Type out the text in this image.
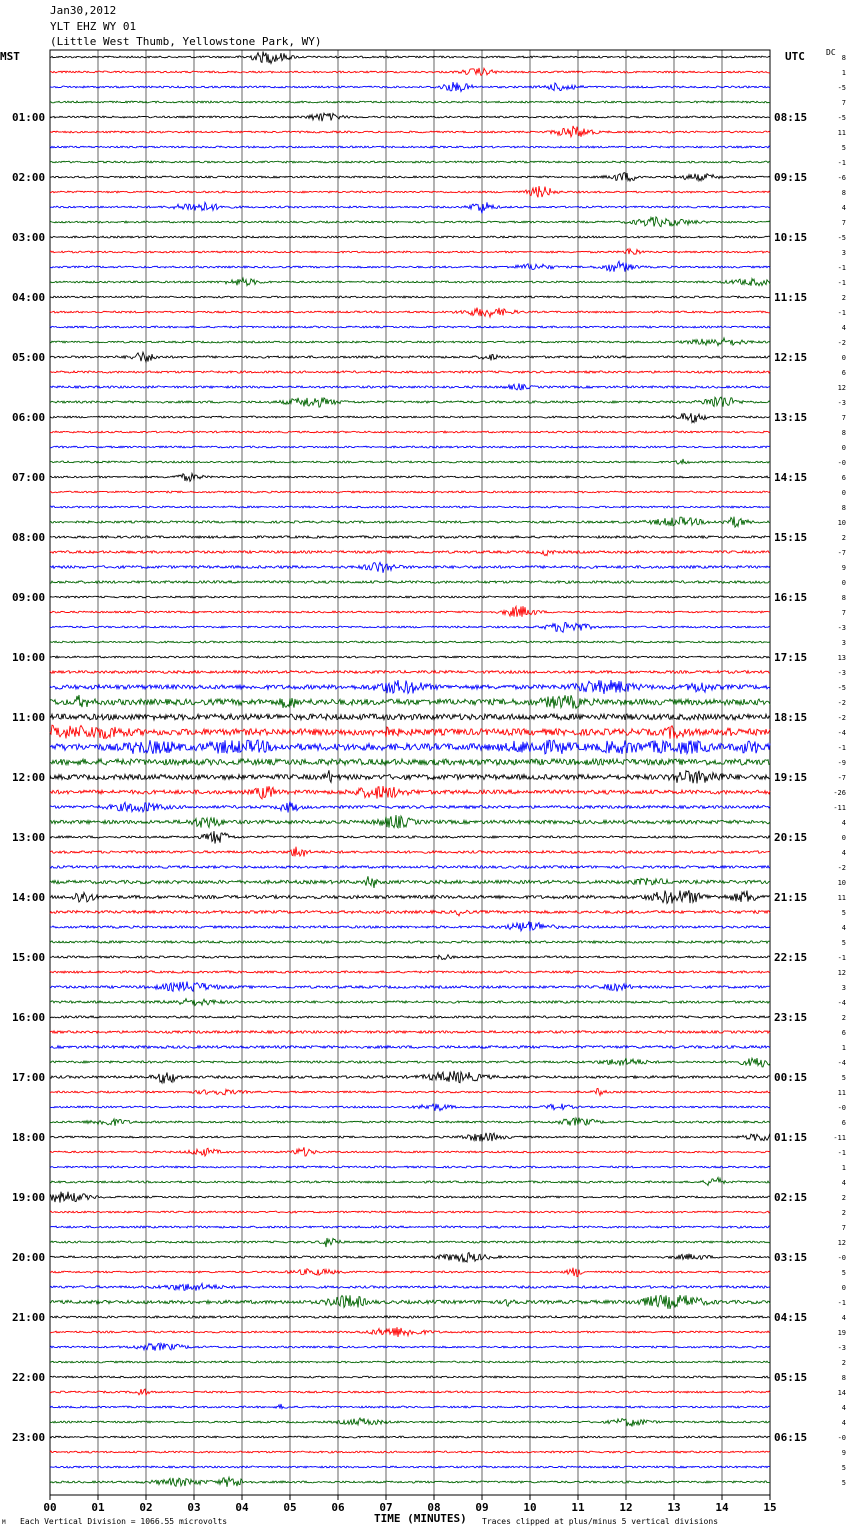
Jan30,2012
YLT EHZ WY 01
(Little West Thumb, Yellowstone Park, WY)
MST	UTC	DC
01:00
02:00
03:00
04:00
05:00
06:00
07:00
08:00
09:00
10:00
11:00
12:00
13:00
14:00
15:00
16:00
17:00
18:00
19:00
20:00
21:00
22:00
23:00
08:15
09:15
10:15
11:15
12:15
13:15
14:15
15:15
16:15
17:15
18:15
19:15
20:15
21:15
22:15
23:15
00:15
01:15
02:15
03:15
04:15
05:15
06:15
8
1
-5
7
-5
11
5
-1
-6
8
4
7
-5
3
-1
-1
2
-1
4
-2
0
6
12
-3
7
8
0
-0
6
0
8
10
2
-7
9
0
8
7
-3
3
13
-3
-5
-2
-2
-4
-1
-9
-7
-26
-11
4
0
4
-2
10
11
5
4
5
-1
12
3
-4
2
6
1
-4
5
11
-0
6
-11
-1
1
4
2
2
7
12
-0
5
0
-1
4
19
-3
2
8
14
4
4
-0
9
5
5
00	01	02	03	04	05	06	07	08	09	10	11	12	13	14	15
TIME (MINUTES)
Each Vertical Division = 1066.55 microvolts	Traces clipped at plus/minus 5 vertical divisions
M
